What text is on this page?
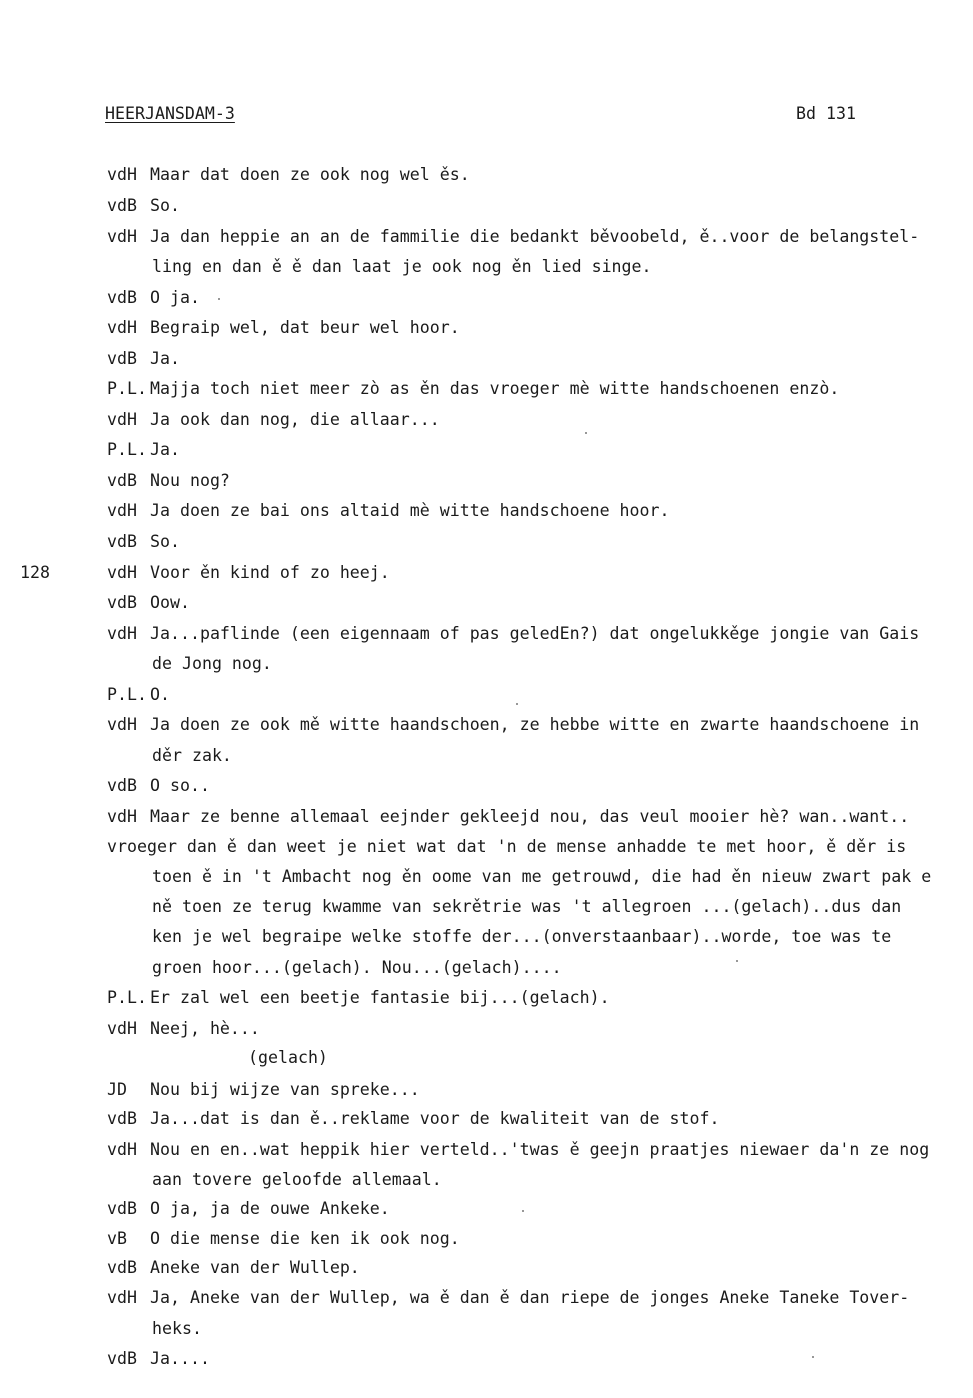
HEERJANSDAM-3	Bd 131
128
vdH Maar dat doen ze ook nog wel ěs.
vdB So.
vdH Ja dan heppie an an de fammilie die bedankt běvoobeld, ě..voor de belangstel-
ling en dan ě ě dan laat je ook nog ěn lied singe.
vdB O ja.
vdH Begraip wel, dat beur wel hoor.
vdB Ja.
P.L. Majja toch niet meer zò as ěn das vroeger mè witte handschoenen enzò.
vdH Ja ook dan nog, die allaar...
P.L. Ja.
vdB Nou nog?
vdH Ja doen ze bai ons altaid mè witte handschoene hoor.
vdB So.
vdH Voor ěn kind of zo heej.
vdB Oow.
vdH Ja...paflinde (een eigennaam of pas geledEn?) dat ongelukkěge jongie van Gais
de Jong nog.
P.L. O.
vdH Ja doen ze ook mě witte haandschoen, ze hebbe witte en zwarte haandschoene in
děr zak.
vdB O so..
vdH Maar ze benne allemaal eejnder gekleejd nou, das veul mooier hè? wan..want..
vroeger dan ě dan weet je niet wat dat 'n de mense anhadde te met hoor, ě děr is
toen ě in 't Ambacht nog ěn oome van me getrouwd, die had ěn nieuw zwart pak e
ně toen ze terug kwamme van sekrětrie was 't allegroen ...(gelach)..dus dan
ken je wel begraipe welke stoffe der...(onverstaanbaar)..worde, toe was te
groen hoor...(gelach). Nou...(gelach)....
P.L. Er zal wel een beetje fantasie bij...(gelach).
vdH Neej, hè...
(gelach)
JD Nou bij wijze van spreke...
vdB Ja...dat is dan ě..reklame voor de kwaliteit van de stof.
vdH Nou en en..wat heppik hier verteld..'twas ě geejn praatjes niewaer da'n ze nog
aan tovere geloofde allemaal.
vdB O ja, ja de ouwe Ankeke.
vB O die mense die ken ik ook nog.
vdB Aneke van der Wullep.
vdH Ja, Aneke van der Wullep, wa ě dan ě dan riepe de jonges Aneke Taneke Tover-
heks.
vdB Ja....
